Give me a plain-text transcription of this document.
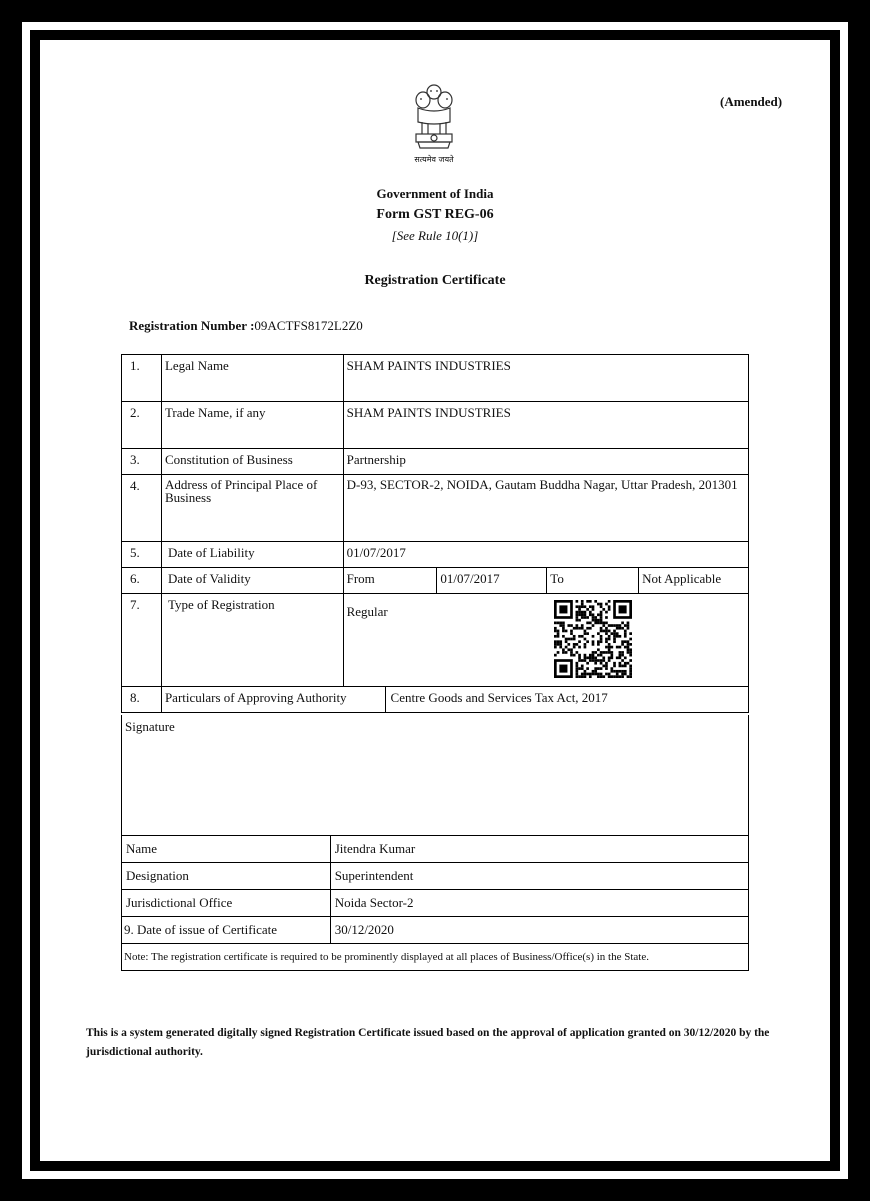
(Amended)
सत्यमेव जयते
Government of India
Form GST REG-06
[See Rule 10(1)]
Registration Certificate
Registration Number :09ACTFS8172L2Z0
1.	Legal Name	SHAM PAINTS INDUSTRIES				
2.	Trade Name, if any	SHAM PAINTS INDUSTRIES				
3.	Constitution of Business	Partnership				
4.	Address of Principal Place of Business	D-93, SECTOR-2, NOIDA, Gautam Buddha Nagar, Uttar Pradesh, 201301				
5.	Date of Liability	01/07/2017				
6.	Date of Validity	From		01/07/2017	To	Not Applicable
7.	Type of Registration	Regular				

8.	Particulars of Approving Authority		Centre Goods and Services Tax Act, 2017			
Signature
Name	Jitendra Kumar
Designation	Superintendent
Jurisdictional Office	Noida Sector-2
9. Date of issue of Certificate	30/12/2020
Note: The registration certificate is required to be prominently displayed at all places of Business/Office(s) in the State.	
This is a system generated digitally signed Registration Certificate issued based on the approval of application granted on 30/12/2020 by the jurisdictional authority.
